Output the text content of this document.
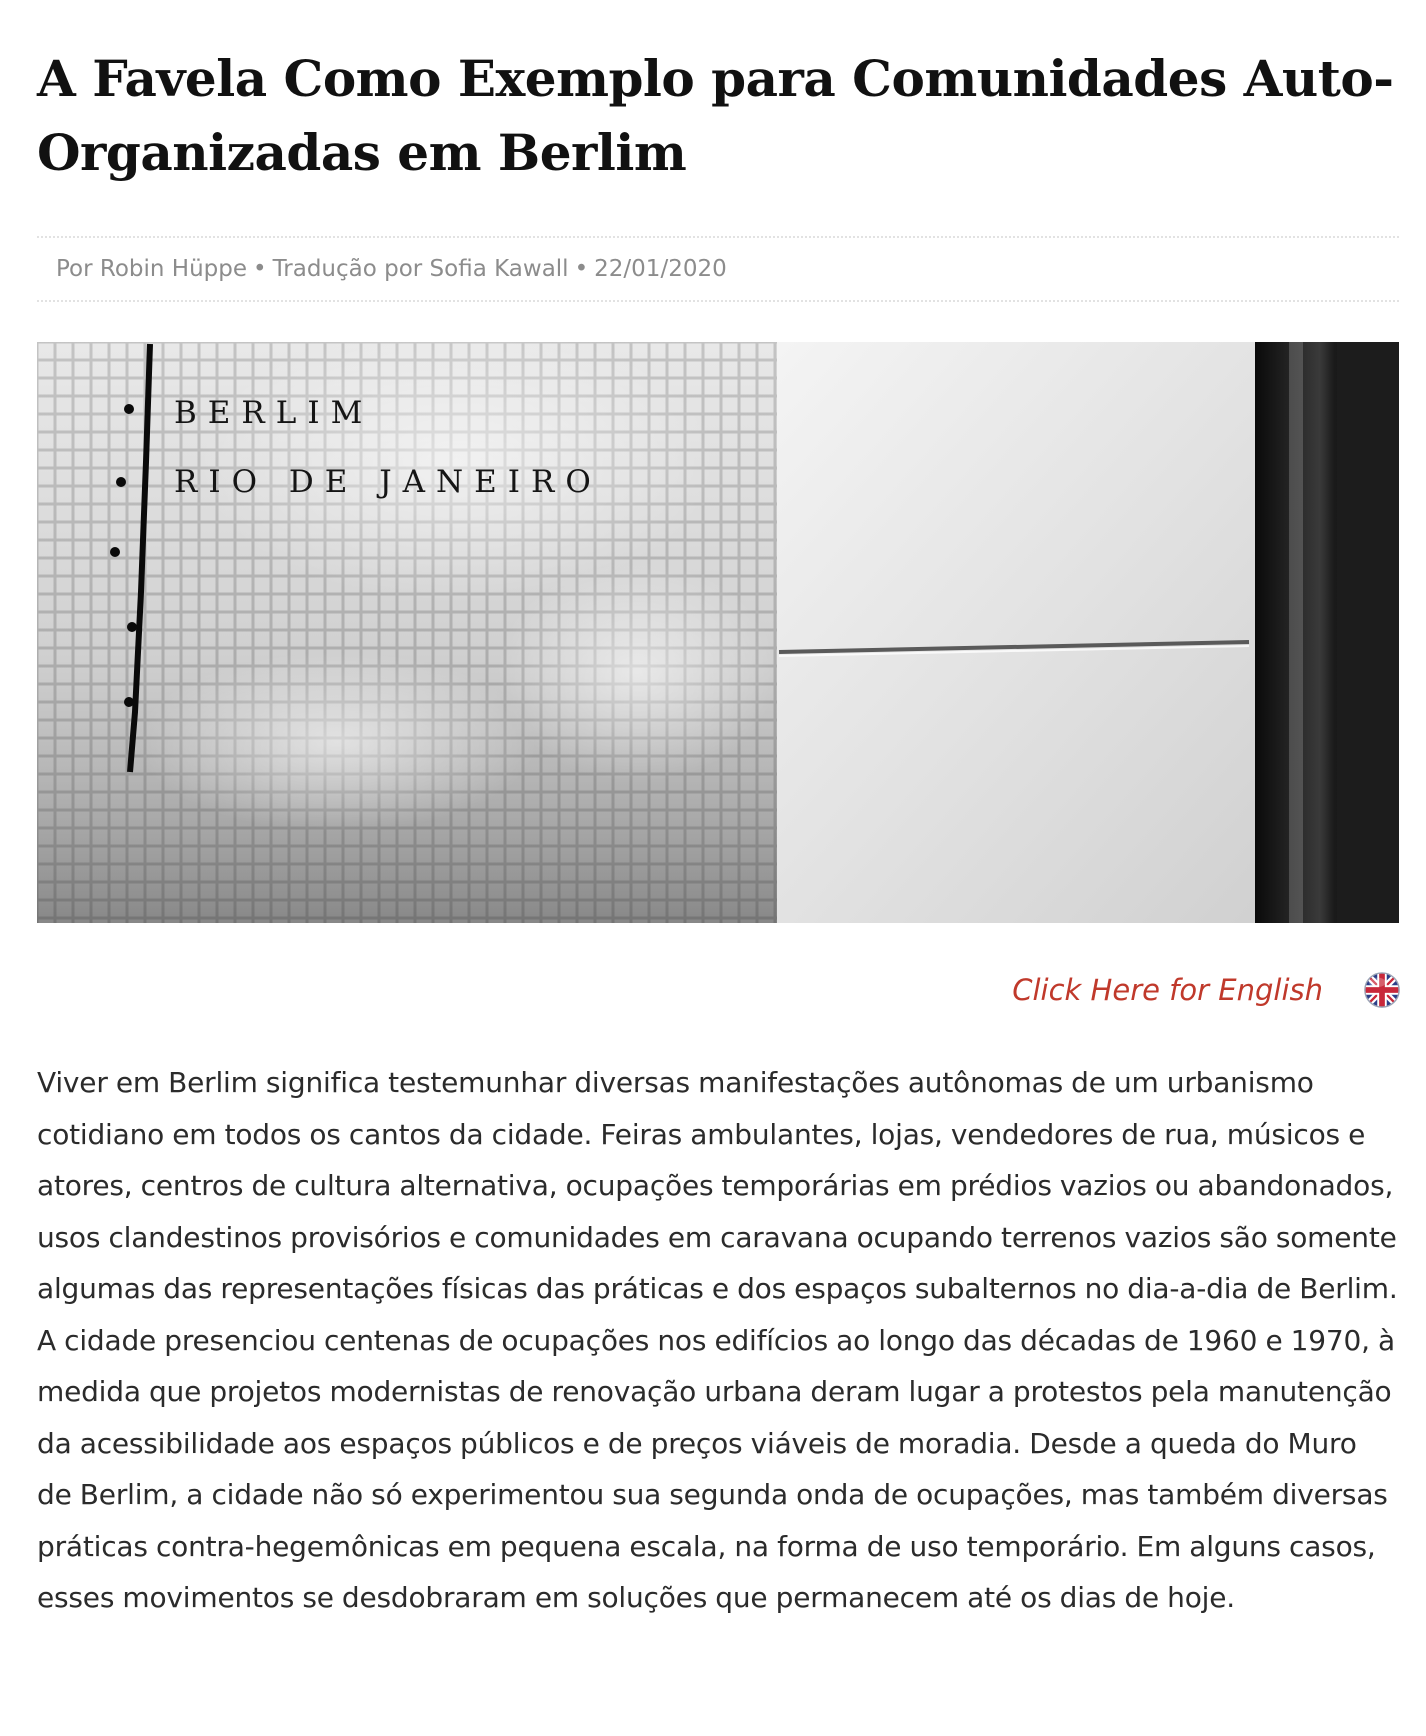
A Favela Como Exemplo para Comunidades Auto-Organizadas em Berlim
Por Robin Hüppe • Tradução por Sofia Kawall • 22/01/2020
BERLIM
RIO DE JANEIRO
Click Here for English

Viver em Berlim significa testemunhar diversas manifestações autônomas de um urbanismo cotidiano em todos os cantos da cidade. Feiras ambulantes, lojas, vendedores de rua, músicos e atores, centros de cultura alternativa, ocupações temporárias em prédios vazios ou abandonados, usos clandestinos provisórios e comunidades em caravana ocupando terrenos vazios são somente algumas das representações físicas das práticas e dos espaços subalternos no dia-a-dia de Berlim. A cidade presenciou centenas de ocupações nos edifícios ao longo das décadas de 1960 e 1970, à medida que projetos modernistas de renovação urbana deram lugar a protestos pela manutenção da acessibilidade aos espaços públicos e de preços viáveis de moradia. Desde a queda do Muro de Berlim, a cidade não só experimentou sua segunda onda de ocupações, mas também diversas práticas contra-hegemônicas em pequena escala, na forma de uso temporário. Em alguns casos, esses movimentos se desdobraram em soluções que permanecem até os dias de hoje.
